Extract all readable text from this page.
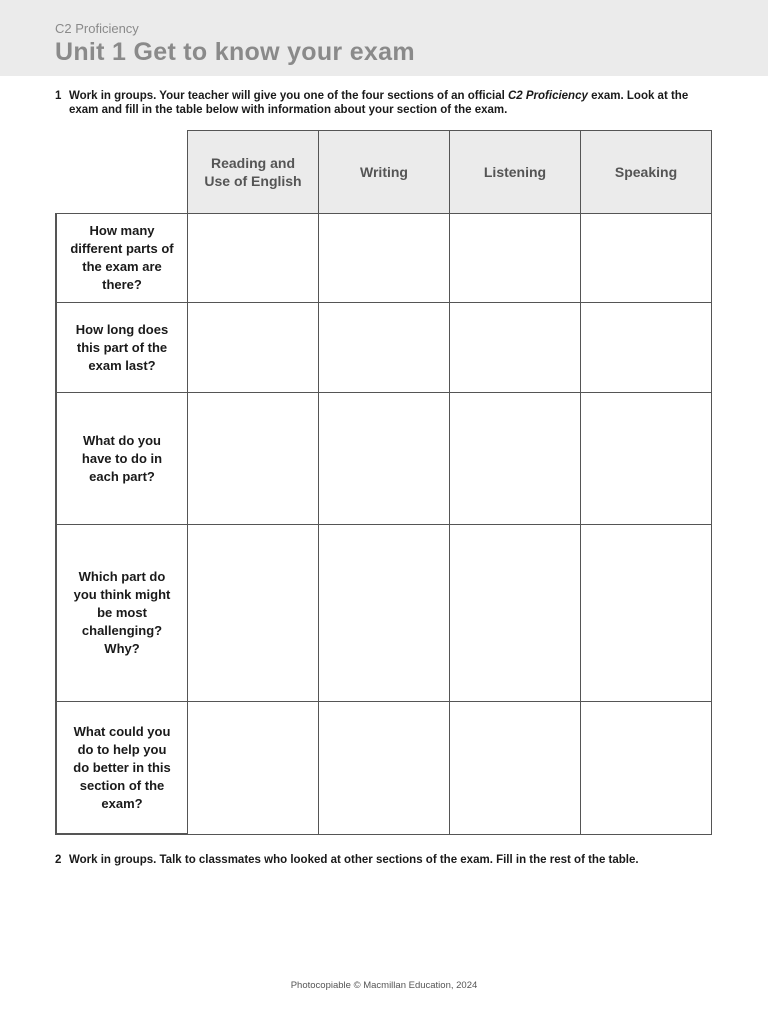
C2 Proficiency
Unit 1 Get to know your exam
1 Work in groups. Your teacher will give you one of the four sections of an official C2 Proficiency exam. Look at the exam and fill in the table below with information about your section of the exam.
	Reading and Use of English	Writing	Listening	Speaking
How many different parts of the exam are there?				
How long does this part of the exam last?				
What do you have to do in each part?				
Which part do you think might be most challenging? Why?				
What could you do to help you do better in this section of the exam?				
2 Work in groups. Talk to classmates who looked at other sections of the exam. Fill in the rest of the table.
Photocopiable © Macmillan Education, 2024
